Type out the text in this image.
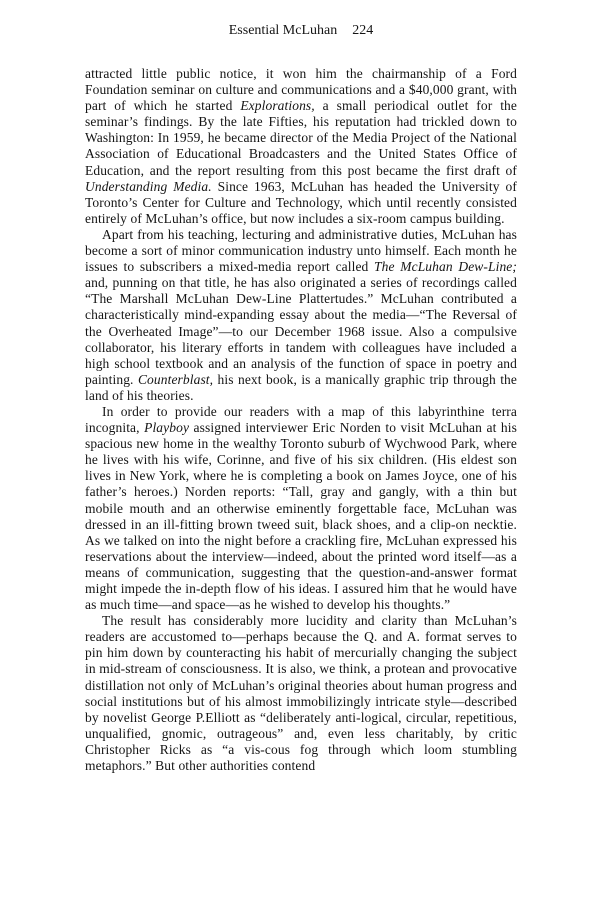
Essential McLuhan 224

attracted little public notice, it won him the chairmanship of a Ford Foundation seminar on culture and communications and a $40,000 grant, with part of which he started Explorations, a small periodical outlet for the seminar’s findings. By the late Fifties, his reputation had trickled down to Washington: In 1959, he became director of the Media Project of the National Association of Educational Broadcasters and the United States Office of Education, and the report resulting from this post became the first draft of Understanding Media. Since 1963, McLuhan has headed the University of Toronto’s Center for Culture and Technology, which until recently consisted entirely of McLuhan’s office, but now includes a six-room campus building.

Apart from his teaching, lecturing and administrative duties, McLuhan has become a sort of minor communication industry unto himself. Each month he issues to subscribers a mixed-media report called The McLuhan Dew-Line; and, punning on that title, he has also originated a series of recordings called “The Marshall McLuhan Dew-Line Plattertudes.” McLuhan contributed a characteristically mind-expanding essay about the media—“The Reversal of the Overheated Image”—to our December 1968 issue. Also a compulsive collaborator, his literary efforts in tandem with colleagues have included a high school textbook and an analysis of the function of space in poetry and painting. Counterblast, his next book, is a manically graphic trip through the land of his theories.

In order to provide our readers with a map of this labyrinthine terra incognita, Playboy assigned interviewer Eric Norden to visit McLuhan at his spacious new home in the wealthy Toronto suburb of Wychwood Park, where he lives with his wife, Corinne, and five of his six children. (His eldest son lives in New York, where he is completing a book on James Joyce, one of his father’s heroes.) Norden reports: “Tall, gray and gangly, with a thin but mobile mouth and an otherwise eminently forgettable face, McLuhan was dressed in an ill-fitting brown tweed suit, black shoes, and a clip-on necktie. As we talked on into the night before a crackling fire, McLuhan expressed his reservations about the interview—indeed, about the printed word itself—as a means of communication, suggesting that the question-and-answer format might impede the in-depth flow of his ideas. I assured him that he would have as much time—and space—as he wished to develop his thoughts.”

The result has considerably more lucidity and clarity than McLuhan’s readers are accustomed to—perhaps because the Q. and A. format serves to pin him down by counteracting his habit of mercurially changing the subject in mid-stream of consciousness. It is also, we think, a protean and provocative distillation not only of McLuhan’s original theories about human progress and social institutions but of his almost immobilizingly intricate style—described by novelist George P.Elliott as “deliberately anti-logical, circular, repetitious, unqualified, gnomic, outrageous” and, even less charitably, by critic Christopher Ricks as “a vis-cous fog through which loom stumbling metaphors.” But other authorities contend
